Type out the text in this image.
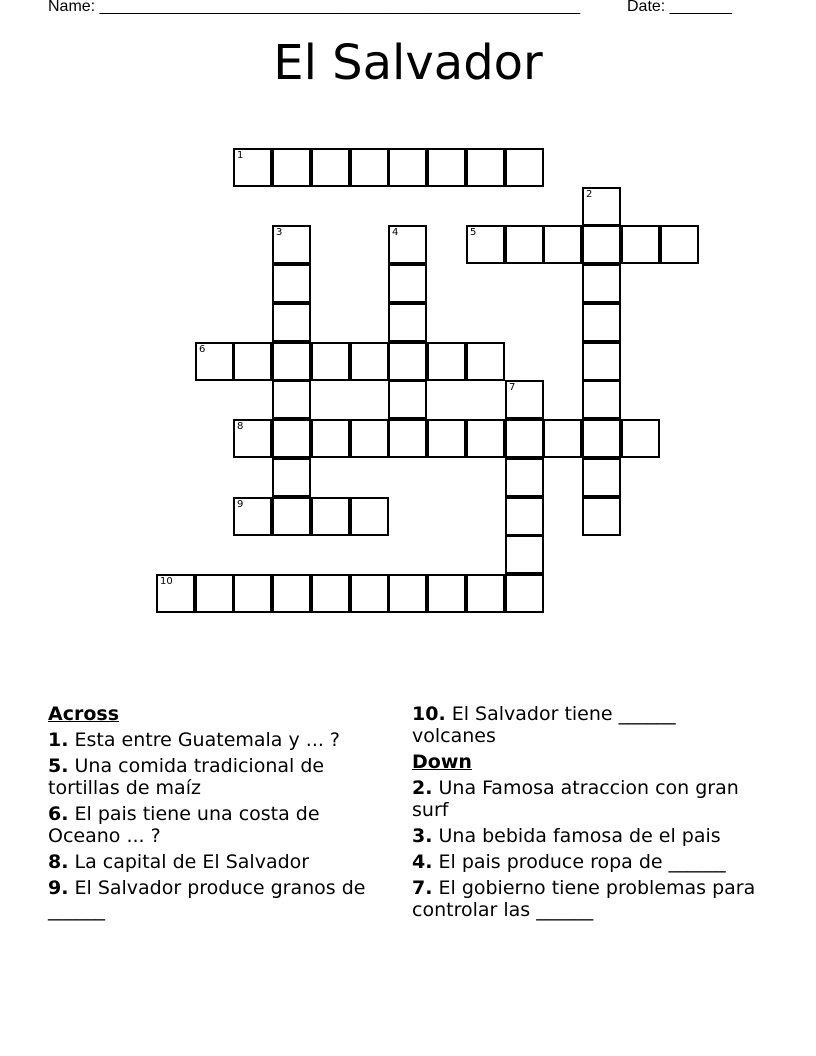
Name: ______________________________________________________	Date: _______
El Salvador
1
2
3	4	5
6
7
8
9
10
Across
1. Esta entre Guatemala y ... ?
5. Una comida tradicional de tortillas de maíz
6. El pais tiene una costa de Oceano ... ?
8. La capital de El Salvador
9. El Salvador produce granos de ______
10. El Salvador tiene ______ volcanes
Down
2. Una Famosa atraccion con gran surf
3. Una bebida famosa de el pais
4. El pais produce ropa de ______
7. El gobierno tiene problemas para controlar las ______
